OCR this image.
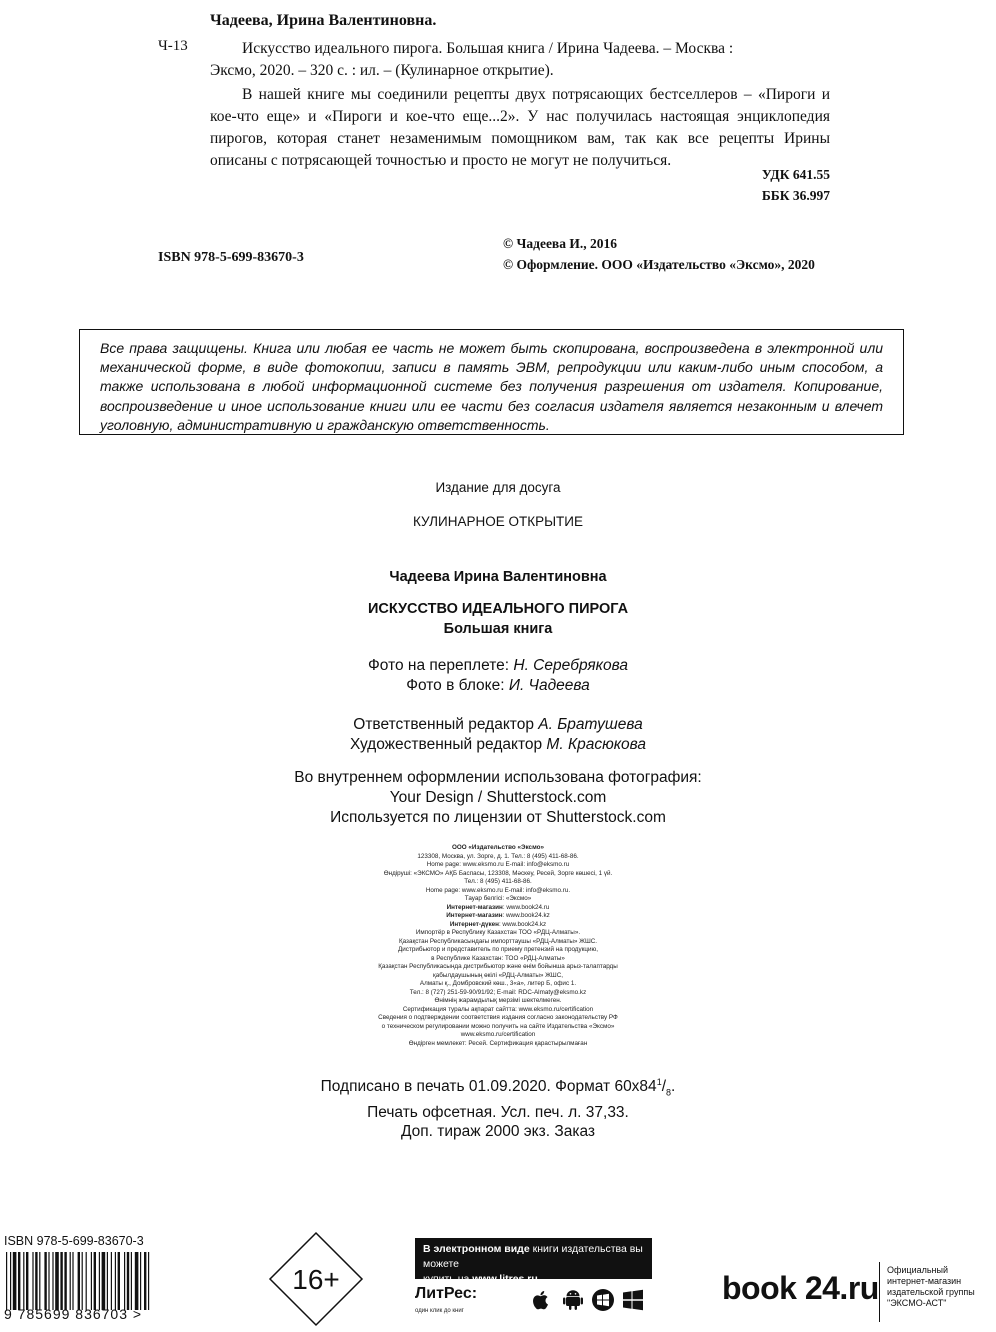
Чадеева, Ирина Валентиновна.
Ч-13	Искусство идеального пирога. Большая книга / Ирина Чадеева. – Москва :
Эксмо, 2020. – 320 с. : ил. – (Кулинарное открытие).
В нашей книге мы соединили рецепты двух потрясающих бестселлеров – «Пироги и кое-что еще» и «Пироги и кое-что еще...2». У нас получилась настоящая энциклопедия пирогов, которая станет незаменимым помощником вам, так как все рецепты Ирины описаны с потрясающей точностью и просто не могут не получиться.
УДК 641.55
ББК 36.997
© Чадеева И., 2016
© Оформление. ООО «Издательство «Эксмо», 2020
ISBN 978-5-699-83670-3
Все права защищены. Книга или любая ее часть не может быть скопирована, воспроизведена в электронной или механической форме, в виде фотокопии, записи в память ЭВМ, репродукции или каким-либо иным способом, а также использована в любой информационной системе без получения разрешения от издателя. Копирование, воспроизведение и иное использование книги или ее части без согласия издателя является незаконным и влечет уголовную, административную и гражданскую ответственность.
Издание для досуга
КУЛИНАРНОЕ ОТКРЫТИЕ
Чадеева Ирина Валентиновна
ИСКУССТВО ИДЕАЛЬНОГО ПИРОГА
Большая книга
Фото на переплете: Н. Серебрякова
Фото в блоке: И. Чадеева
Ответственный редактор А. Братушева
Художественный редактор М. Красюкова
Во внутреннем оформлении использована фотография:
Your Design / Shutterstock.com
Используется по лицензии от Shutterstock.com
ООО «Издательство «Эксмо»
123308, Москва, ул. Зорге, д. 1. Тел.: 8 (495) 411-68-86.
Home page: www.eksmo.ru E-mail: info@eksmo.ru
Өндіруші: «ЭКСМО» АҚБ Баспасы, 123308, Мәскеу, Ресей, Зорге көшесі, 1 үй.
Тел.: 8 (495) 411-68-86.
Home page: www.eksmo.ru E-mail: info@eksmo.ru.
Тауар белгісі: «Эксмо»
Интернет-магазин: www.book24.ru
Интернет-магазин: www.book24.kz
Интернет-дүкен: www.book24.kz
Импортёр в Республику Казахстан ТОО «РДЦ-Алматы».
Қазақстан Республикасындағы импорттаушы «РДЦ-Алматы» ЖШС.
Дистрибьютор и представитель по приему претензий на продукцию,
в Республике Казахстан: ТОО «РДЦ-Алматы»
Қазақстан Республикасында дистрибьютор және өнім бойынша арыз-талаптарды
қабылдаушының өкілі «РДЦ-Алматы» ЖШС,
Алматы қ., Домбровский көш., 3«а», литер Б, офис 1.
Тел.: 8 (727) 251-59-90/91/92; E-mail: RDC-Almaty@eksmo.kz
Өнімнің жарамдылық мерзімі шектелмеген.
Сертификация туралы ақпарат сайтта: www.eksmo.ru/certification
Сведения о подтверждении соответствия издания согласно законодательству РФ
о техническом регулировании можно получить на сайте Издательства «Эксмо»
www.eksmo.ru/certification
Өндірген мемлекет: Ресей. Сертификация қарастырылмаған
Подписано в печать 01.09.2020. Формат $60x84^1/_8$.
Печать офсетная. Усл. печ. л. 37,33.
Доп. тираж 2000 экз. Заказ
ISBN 978-5-699-83670-3
9 785699 836703 >
16+
В электронном виде книги издательства вы можете
купить на www.litres.ru
ЛитРес:
один клик до книг
book 24.ru Официальный
интернет-магазин
издательской группы
"ЭКСМО-АСТ"
